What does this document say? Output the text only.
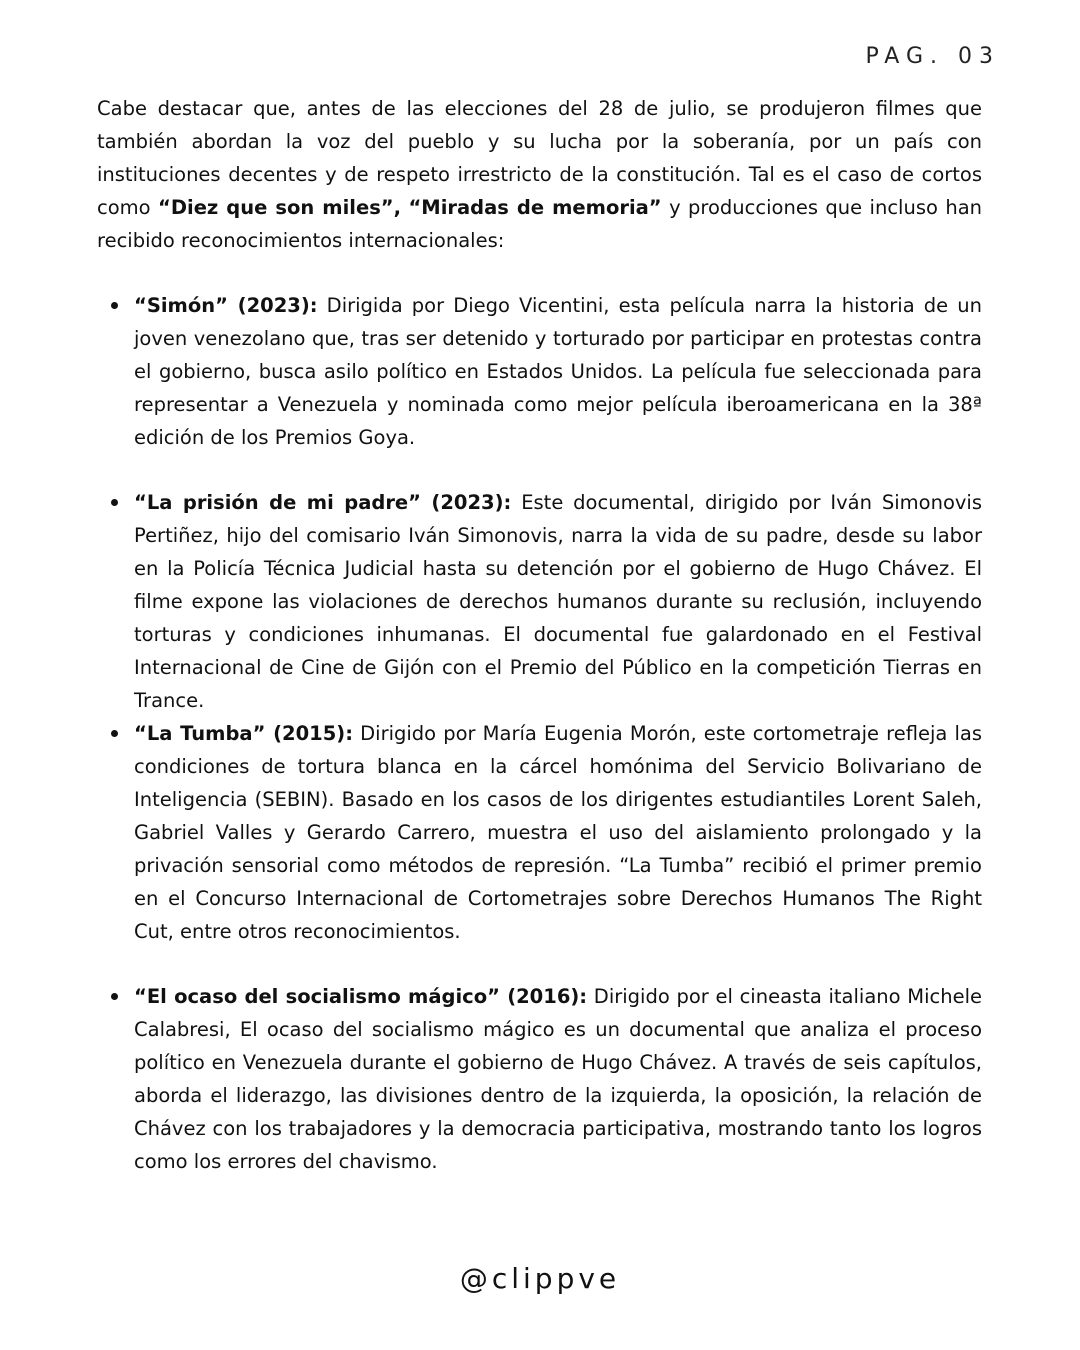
PAG. 03

Cabe destacar que, antes de las elecciones del 28 de julio, se produjeron filmes que también abordan la voz del pueblo y su lucha por la soberanía, por un país con instituciones decentes y de respeto irrestricto de la constitución. Tal es el caso de cortos como “Diez que son miles”, “Miradas de memoria” y producciones que incluso han recibido reconocimientos internacionales:

“Simón” (2023): Dirigida por Diego Vicentini, esta película narra la historia de un joven venezolano que, tras ser detenido y torturado por participar en protestas contra el gobierno, busca asilo político en Estados Unidos. La película fue seleccionada para representar a Venezuela y nominada como mejor película iberoamericana en la 38ª edición de los Premios Goya.
“La prisión de mi padre” (2023): Este documental, dirigido por Iván Simonovis Pertiñez, hijo del comisario Iván Simonovis, narra la vida de su padre, desde su labor en la Policía Técnica Judicial hasta su detención por el gobierno de Hugo Chávez. El filme expone las violaciones de derechos humanos durante su reclusión, incluyendo torturas y condiciones inhumanas. El documental fue galardonado en el Festival Internacional de Cine de Gijón con el Premio del Público en la competición Tierras en Trance.
“La Tumba” (2015): Dirigido por María Eugenia Morón, este cortometraje refleja las condiciones de tortura blanca en la cárcel homónima del Servicio Bolivariano de Inteligencia (SEBIN). Basado en los casos de los dirigentes estudiantiles Lorent Saleh, Gabriel Valles y Gerardo Carrero, muestra el uso del aislamiento prolongado y la privación sensorial como métodos de represión. “La Tumba” recibió el primer premio en el Concurso Internacional de Cortometrajes sobre Derechos Humanos The Right Cut, entre otros reconocimientos.
“El ocaso del socialismo mágico” (2016): Dirigido por el cineasta italiano Michele Calabresi, El ocaso del socialismo mágico es un documental que analiza el proceso político en Venezuela durante el gobierno de Hugo Chávez. A través de seis capítulos, aborda el liderazgo, las divisiones dentro de la izquierda, la oposición, la relación de Chávez con los trabajadores y la democracia participativa, mostrando tanto los logros como los errores del chavismo.
@clippve
